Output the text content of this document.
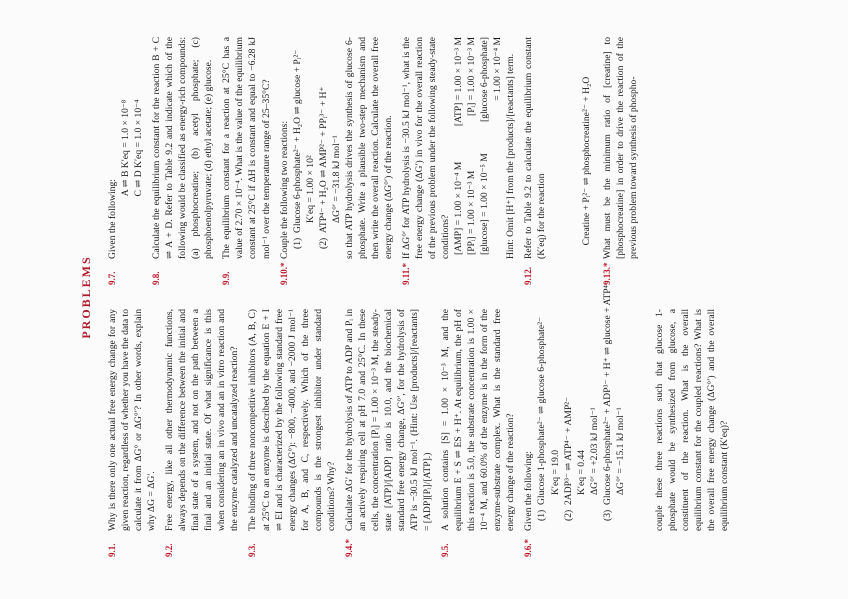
PROBLEMS
9.1.
Why is there only one actual free energy change for any given reaction, regardless of whether you have the data to calculate it from ΔG° or ΔG°′? In other words, explain why ΔG = ΔG′.
9.2.
Free energy, like all other thermodynamic functions, always depends on the difference between the initial and final state of a system, and not on the path between a final and an initial state. Of what significance is this when considering an in vivo and an in vitro reaction and the enzyme catalyzed and uncatalyzed reaction?
9.3.
The binding of three noncompetitive inhibitors (A, B, C) at 25°C to an enzyme is described by the equation E + I ⇌ EI and is characterized by the following standard free energy changes (ΔG°): −800, −4000, and −2000 J mol⁻¹ for A, B, and C, respectively. Which of the three compounds is the strongest inhibitor under standard conditions? Why?
9.4.*
Calculate ΔG′ for the hydrolysis of ATP to ADP and Pᵢ in an actively respiring cell at pH 7.0 and 25°C. In these cells, the concentration [Pᵢ] = 1.00 × 10⁻³ M, the steady-state [ATP]/[ADP] ratio is 10.0, and the biochemical standard free energy change, ΔG°′, for the hydrolysis of ATP is −30.5 kJ mol⁻¹. (Hint: Use [products]/[reactants] = [ADP][Pᵢ]/[ATP].)
9.5.
A solution contains [S] = 1.00 × 10⁻³ M, and the equilibrium E + S ⇌ ES + H⁺. At equilibrium, the pH of this reaction is 5.0, the substrate concentration is 1.00 × 10⁻⁴ M, and 60.0% of the enzyme is in the form of the enzyme-substrate complex. What is the standard free energy change of the reaction?
9.6.*
Given the following: (1)  Glucose 1-phosphate²⁻ ⇌ glucose 6-phosphate²⁻ K′eq = 19.0
(2)  2ADP³⁻ ⇌ ATP⁴⁻ + AMP²⁻ K′eq = 0.44 ΔG°′ = +2.03 kJ mol⁻¹
(3)  Glucose 6-phosphate²⁻ + ADP³⁻ + H⁺ ⇌ glucose + ATP⁴⁻ ΔG°′ = −15.1 kJ mol⁻¹	couple these three reactions such that glucose 1-phosphate would be synthesized from glucose, a constituent of the reaction. What is the overall equilibrium constant for the coupled reactions? What is the overall free energy change (ΔG°′) and the overall equilibrium constant (K′eq)?
9.7.
Given the following:
A ⇌ B K′eq = 1.0 × 10⁻⁸ C ⇌ D K′eq = 1.0 × 10⁻⁴
9.8.
Calculate the equilibrium constant for the reaction B + C ⇌ A + D. Refer to Table 9.2 and indicate which of the following would be classified as energy-rich compounds: (a) phosphocreatine; (b) acetyl phosphate; (c) phosphoenolpyruvate; (d) ethyl acetate; (e) glucose.
9.9.
The equilibrium constant for a reaction at 25°C has a value of 2.70 × 10⁻⁴. What is the value of the equilibrium constant at 25°C if ΔH is constant and equal to −6.28 kJ mol⁻¹ over the temperature range of 25–35°C?
9.10.*
Couple the following two reactions: (1)  Glucose 6-phosphate²⁻ + H₂O ⇌ glucose + Pᵢ²⁻ K′eq = 1.00 × 10²
(2)  ATP⁴⁻ + H₂O ⇌ AMP²⁻ + PPᵢ³⁻ + H⁺ ΔG°′ = −31.8 kJ mol⁻¹ so that ATP hydrolysis drives the synthesis of glucose 6-phosphate. Write a plausible two-step mechanism and then write the overall reaction. Calculate the overall free energy change (ΔG°′) of the reaction.
9.11.*
If ΔG°′ for ATP hydrolysis is −30.5 kJ mol⁻¹, what is the free energy change (ΔG′) in vivo for the overall reaction of the previous problem under the following steady-state conditions? [AMP] = 1.00 × 10⁻⁴ M
[ATP] = 1.00 × 10⁻³ M
[PPᵢ] = 1.00 × 10⁻³ M
[Pᵢ] = 1.00 × 10⁻³ M
[glucose] = 1.00 × 10⁻⁵ M
[glucose 6-phosphate] = 1.00 × 10⁻⁴ M Hint: Omit [H⁺] from the [products]/[reactants] term.
9.12.
Refer to Table 9.2 to calculate the equilibrium constant (K′eq) for the reaction	Creatine + Pᵢ²⁻ ⇌ phosphocreatine²⁻ + H₂O
9.13.*
What must be the minimum ratio of [creatine] to [phosphocreatine] in order to drive the reaction of the previous problem toward synthesis of phospho-
